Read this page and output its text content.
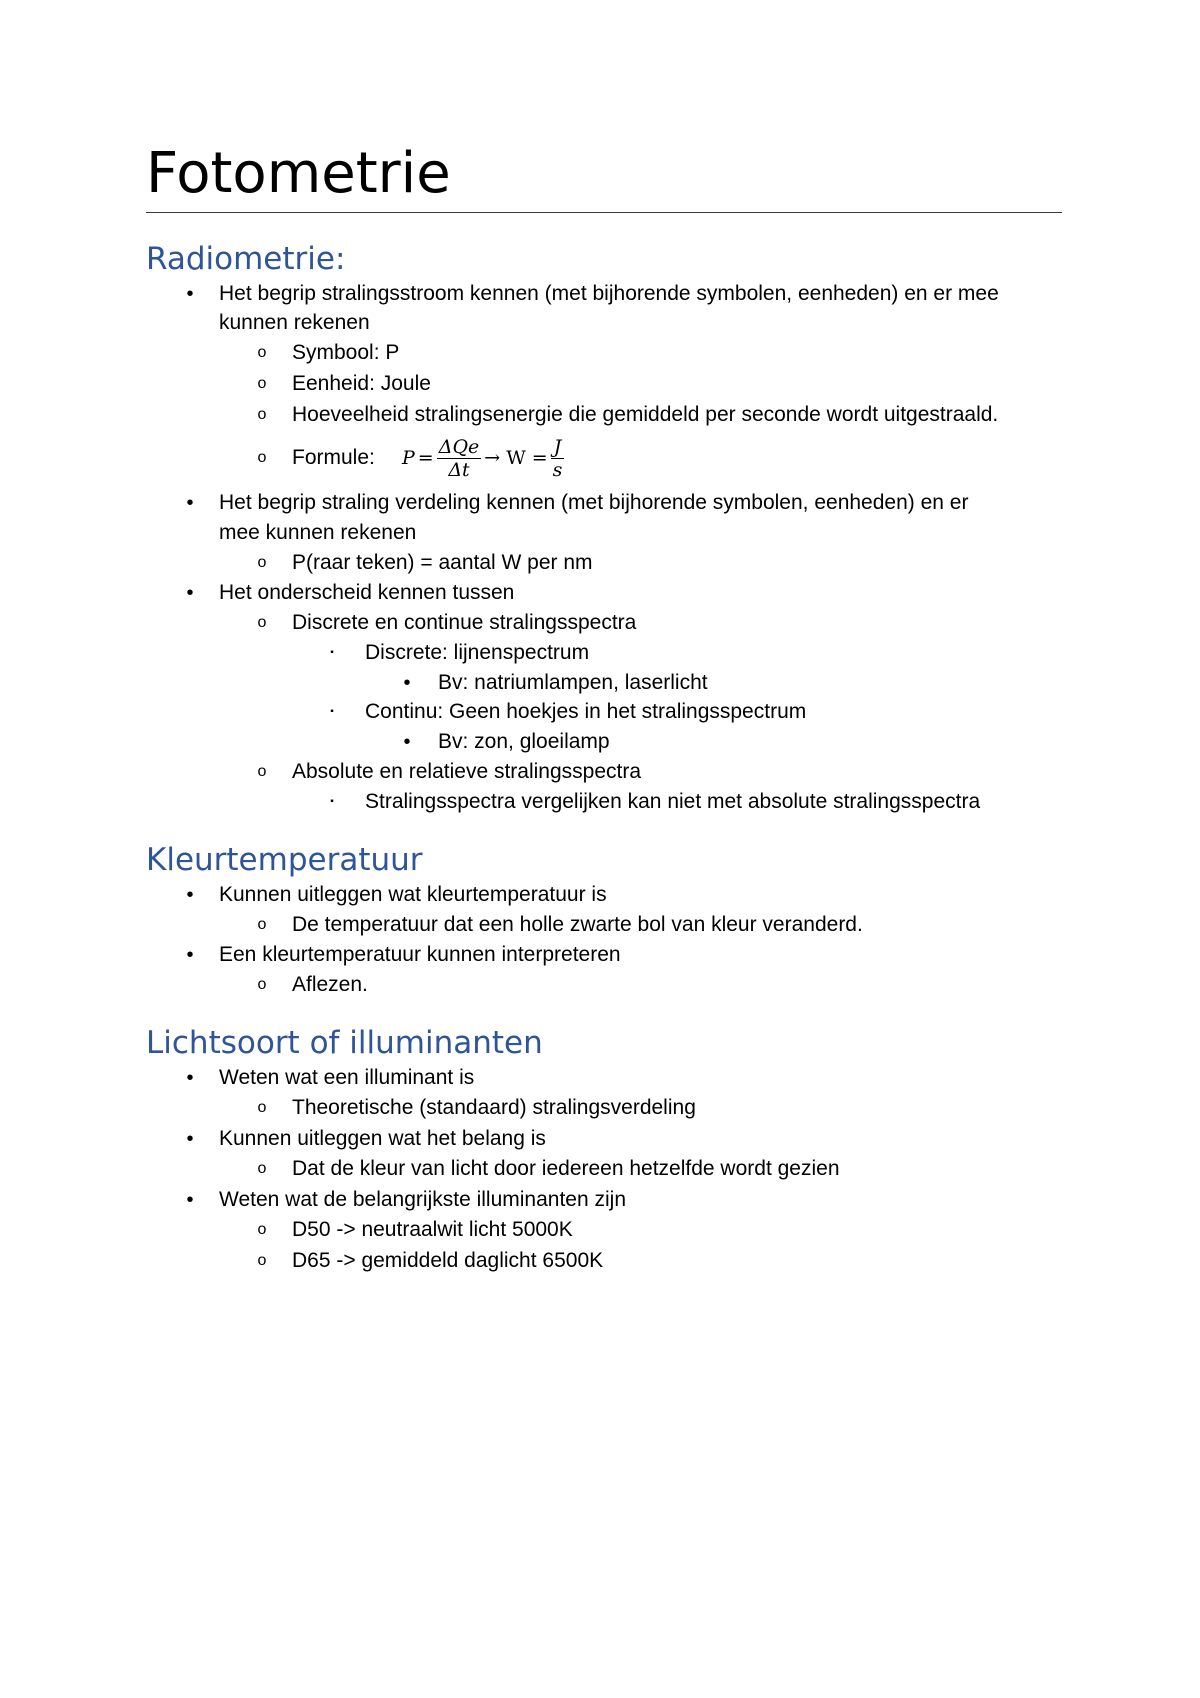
Fotometrie
Radiometrie:
•	Het begrip stralingsstroom kennen (met bijhorende symbolen, eenheden) en er mee
kunnen rekenen
o Symbool: P
o Eenheid: Joule
o Hoeveelheid stralingsenergie die gemiddeld per seconde wordt uitgestraald.
o Formule: $P = \frac{\text{ΔQe}}{\Delta t} \to W = \frac{J}{s}$
•	Het begrip straling verdeling kennen (met bijhorende symbolen, eenheden) en er
mee kunnen rekenen
o P(raar teken) = aantal W per nm
•	Het onderscheid kennen tussen
o Discrete en continue stralingsspectra
▪	Discrete: lijnenspectrum
•	Bv: natriumlampen, laserlicht
▪	Continu: Geen hoekjes in het stralingsspectrum
•	Bv: zon, gloeilamp
o Absolute en relatieve stralingsspectra
▪	Stralingsspectra vergelijken kan niet met absolute stralingsspectra
Kleurtemperatuur
•	Kunnen uitleggen wat kleurtemperatuur is
o De temperatuur dat een holle zwarte bol van kleur veranderd.
•	Een kleurtemperatuur kunnen interpreteren
o Aflezen.
Lichtsoort of illuminanten
•	Weten wat een illuminant is
o Theoretische (standaard) stralingsverdeling
•	Kunnen uitleggen wat het belang is
o Dat de kleur van licht door iedereen hetzelfde wordt gezien
•	Weten wat de belangrijkste illuminanten zijn
o D50 -> neutraalwit licht 5000K
o D65 -> gemiddeld daglicht 6500K
